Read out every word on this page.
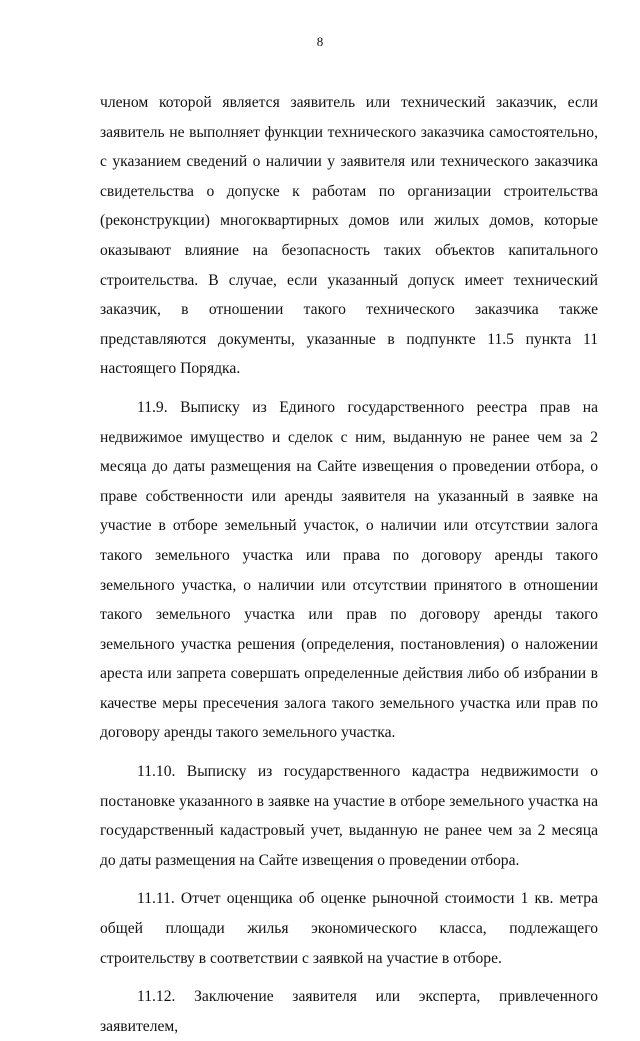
8

членом которой является заявитель или технический заказчик, если заявитель не выполняет функции технического заказчика самостоятельно, с указанием сведений о наличии у заявителя или технического заказчика свидетельства о допуске к работам по организации строительства (реконструкции) многоквартирных домов или жилых домов, которые оказывают влияние на безопасность таких объектов капитального строительства. В случае, если указанный допуск имеет технический заказчик, в отношении такого технического заказчика также представляются документы, указанные в подпункте 11.5 пункта 11 настоящего Порядка.

11.9. Выписку из Единого государственного реестра прав на недвижимое имущество и сделок с ним, выданную не ранее чем за 2 месяца до даты размещения на Сайте извещения о проведении отбора, о праве собственности или аренды заявителя на указанный в заявке на участие в отборе земельный участок, о наличии или отсутствии залога такого земельного участка или права по договору аренды такого земельного участка, о наличии или отсутствии принятого в отношении такого земельного участка или прав по договору аренды такого земельного участка решения (определения, постановления) о наложении ареста или запрета совершать определенные действия либо об избрании в качестве меры пресечения залога такого земельного участка или прав по договору аренды такого земельного участка.

11.10. Выписку из государственного кадастра недвижимости о постановке указанного в заявке на участие в отборе земельного участка на государственный кадастровый учет, выданную не ранее чем за 2 месяца до даты размещения на Сайте извещения о проведении отбора.

11.11. Отчет оценщика об оценке рыночной стоимости 1 кв. метра общей площади жилья экономического класса, подлежащего строительству в соответствии с заявкой на участие в отборе.

11.12. Заключение заявителя или эксперта, привлеченного заявителем,
